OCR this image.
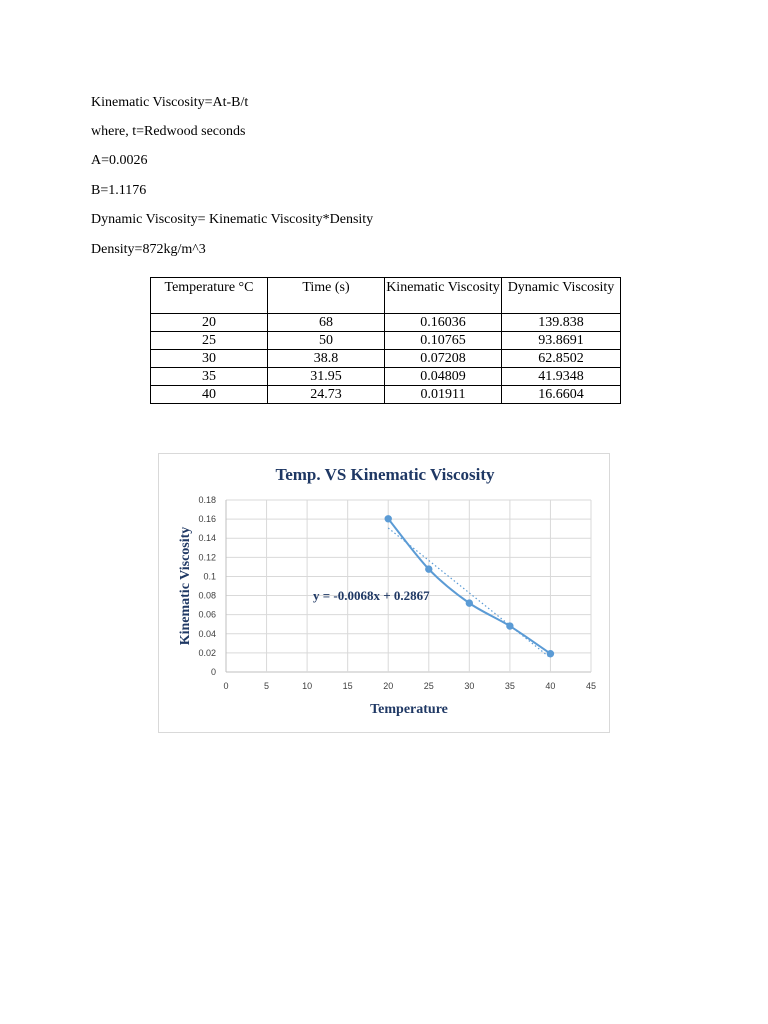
Kinematic Viscosity=At-B/t
where, t=Redwood seconds
A=0.0026
B=1.1176
Dynamic Viscosity= Kinematic Viscosity*Density
Density=872kg/m^3
Temperature °C	Time (s)	Kinematic Viscosity	Dynamic Viscosity
20	68	0.16036	139.838
25	50	0.10765	93.8691
30	38.8	0.07208	62.8502
35	31.95	0.04809	41.9348
40	24.73	0.01911	16.6604
Temp. VS Kinematic Viscosity
0	5	10	15	20	25	30	35	40	45
0
0.02
0.04
0.06
0.08
0.1
0.12
0.14
0.16
0.18
y = -0.0068x + 0.2867
Temperature
Kinematic Viscosity
